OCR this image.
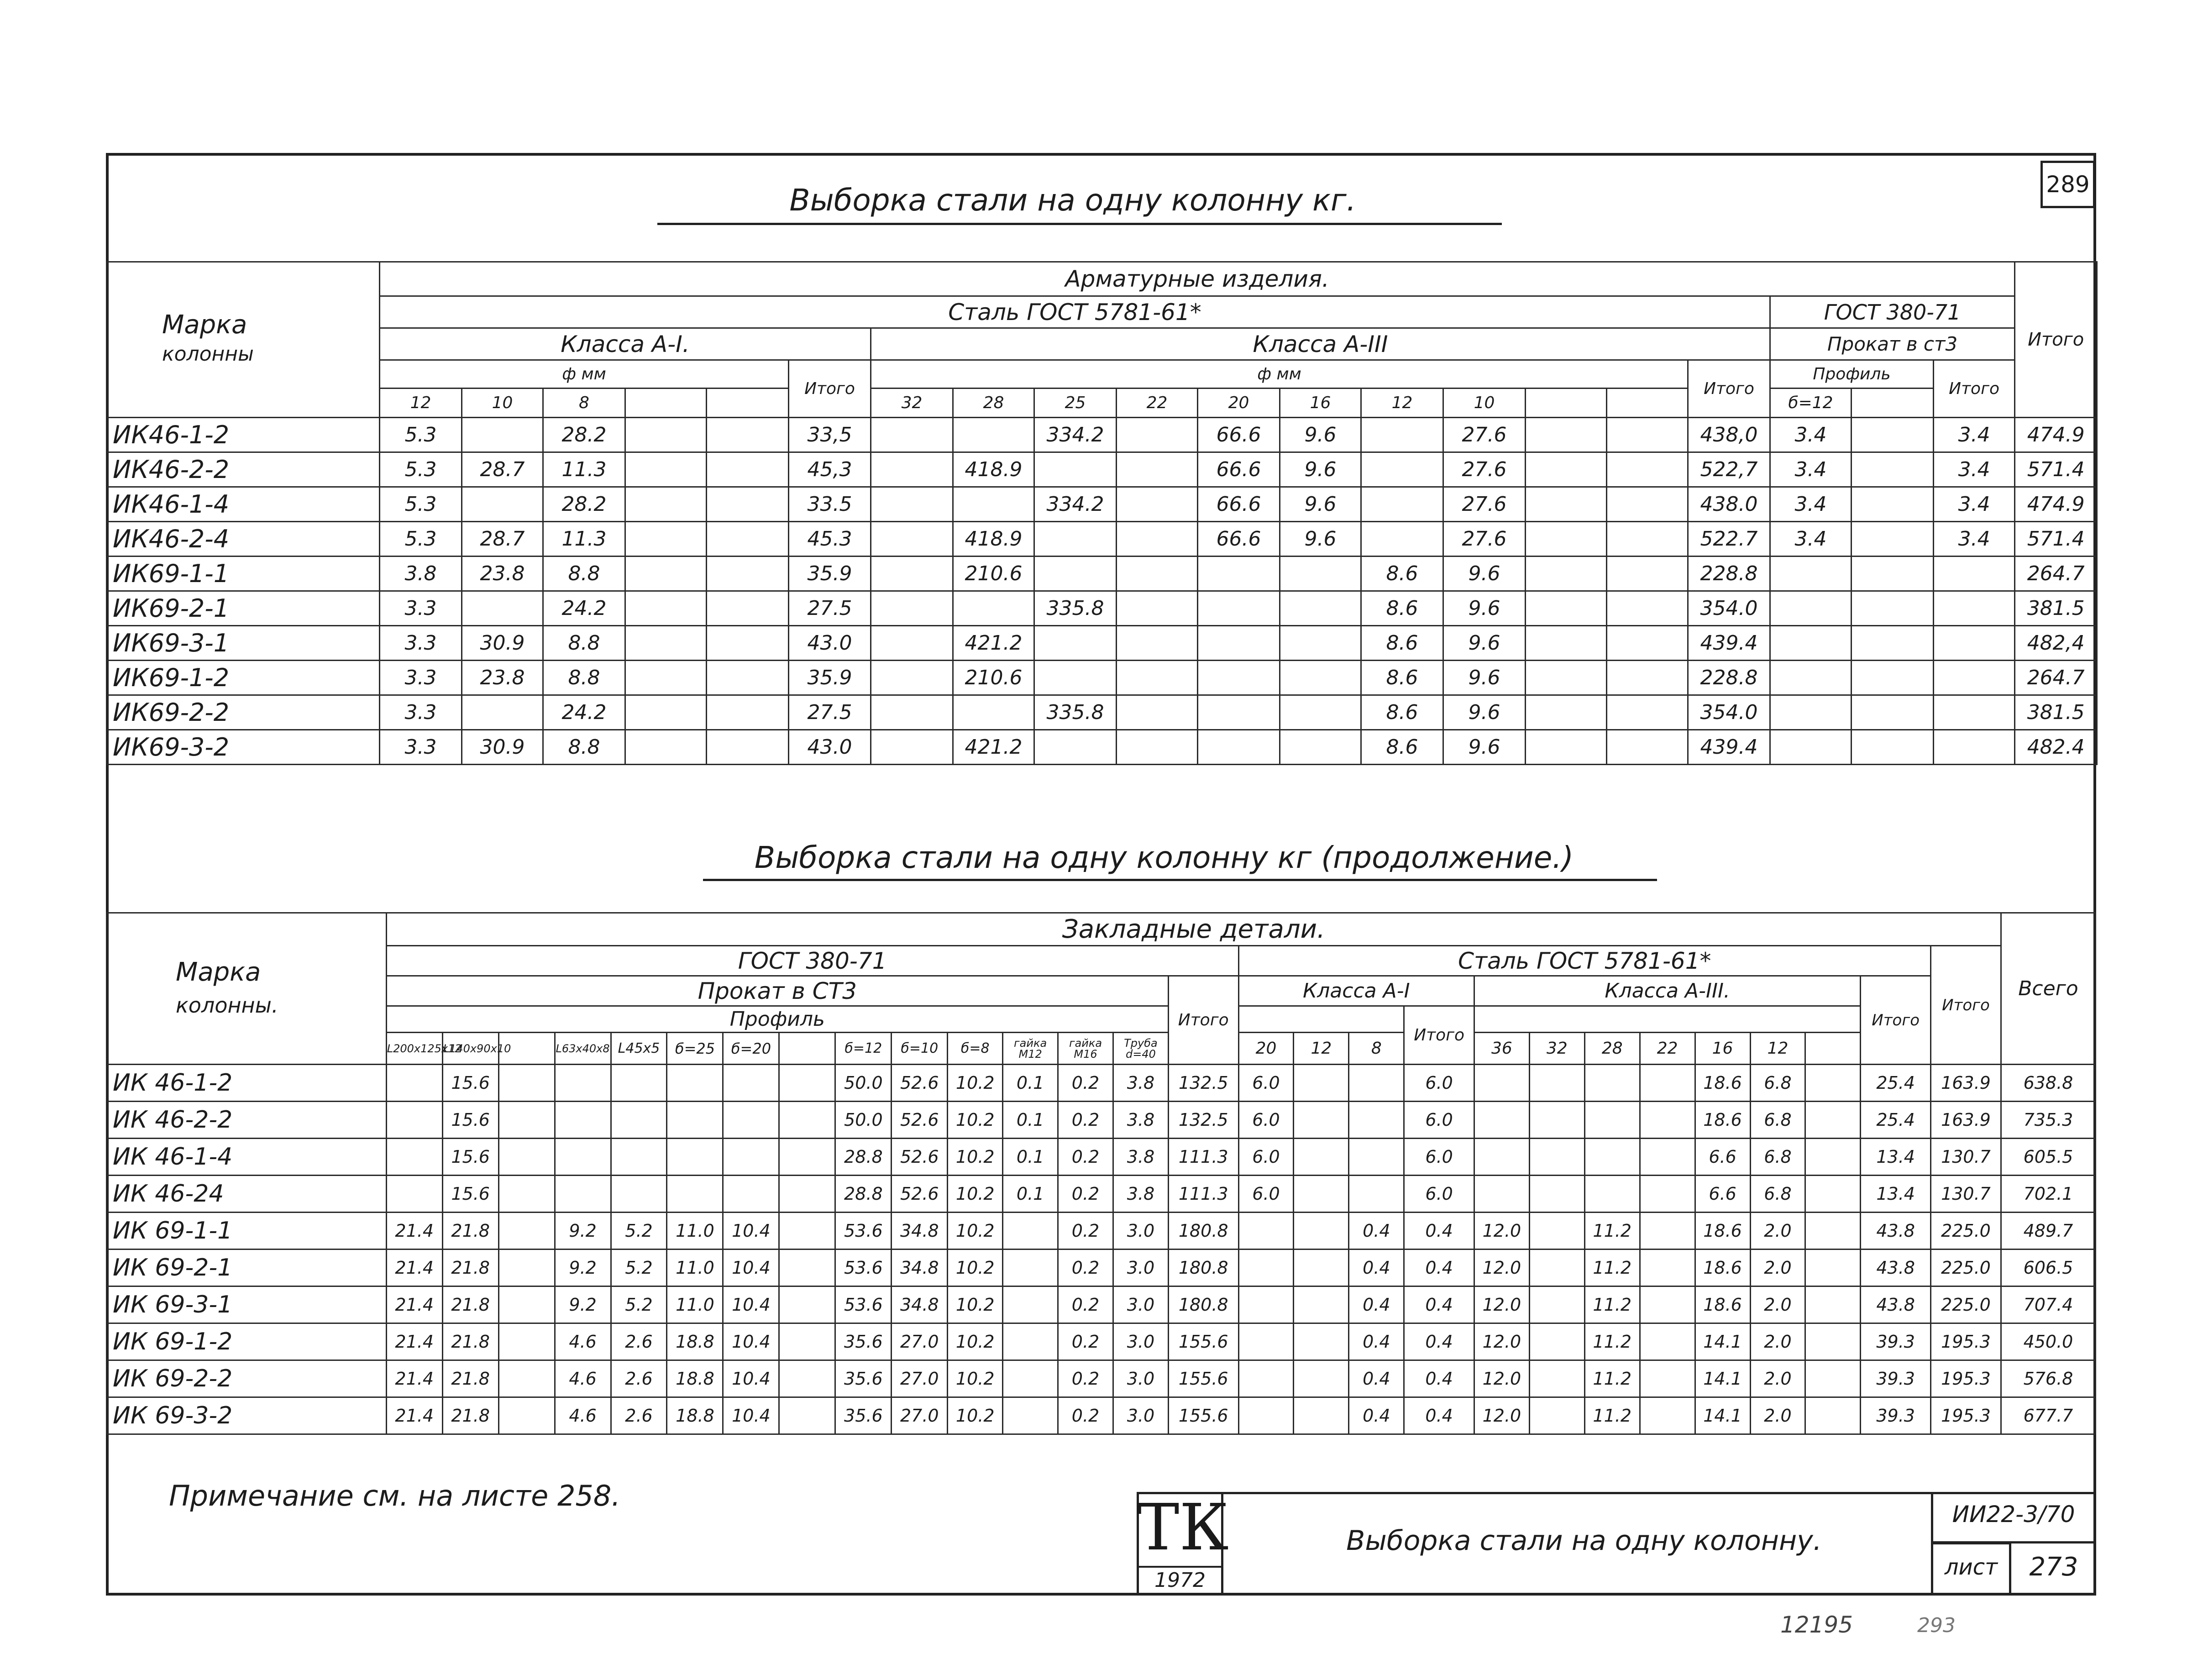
289
Выборка стали на одну колонну кг.
Марка
колонны	Арматурные изделия.																				Итого
	Сталь ГОСТ 5781-61*																	ГОСТ 380-71			
	Класса А-I.						Класса А-III											Прокат в ст3			
	ф мм					Итого	ф мм										Итого	Профиль		Итого	
	12	10	8				32	28	25	22	20	16	12	10				б=12			
ИК46-1-2	5.3		28.2			33,5			334.2		66.6	9.6		27.6			438,0	3.4		3.4	474.9
ИК46-2-2	5.3	28.7	11.3			45,3		418.9			66.6	9.6		27.6			522,7	3.4		3.4	571.4
ИК46-1-4	5.3		28.2			33.5			334.2		66.6	9.6		27.6			438.0	3.4		3.4	474.9
ИК46-2-4	5.3	28.7	11.3			45.3		418.9			66.6	9.6		27.6			522.7	3.4		3.4	571.4
ИК69-1-1	3.8	23.8	8.8			35.9		210.6					8.6	9.6			228.8				264.7
ИК69-2-1	3.3		24.2			27.5			335.8				8.6	9.6			354.0				381.5
ИК69-3-1	3.3	30.9	8.8			43.0		421.2					8.6	9.6			439.4				482,4
ИК69-1-2	3.3	23.8	8.8			35.9		210.6					8.6	9.6			228.8				264.7
ИК69-2-2	3.3		24.2			27.5			335.8				8.6	9.6			354.0				381.5
ИК69-3-2	3.3	30.9	8.8			43.0		421.2					8.6	9.6			439.4				482.4
Выборка стали на одну колонну кг (продолжение.)
Марка
колонны.	Закладные детали.																												Всего
	ГОСТ 380-71															Сталь ГОСТ 5781-61*												Итого	
	Прокат в СТ3														Итого	Класса А-I				Класса А-III.							Итого		
	Профиль																		Итого										
	L200x125x12	L140x90x10		L63x40x8	L45x5	б=25	б=20		б=12	б=10	б=8	гайка M12	гайка M16	Труба d=40		20	12	8		36	32	28	22	16	12				
ИК 46-1-2		15.6							50.0	52.6	10.2	0.1	0.2	3.8	132.5	6.0			6.0					18.6	6.8		25.4	163.9	638.8
ИК 46-2-2		15.6							50.0	52.6	10.2	0.1	0.2	3.8	132.5	6.0			6.0					18.6	6.8		25.4	163.9	735.3
ИК 46-1-4		15.6							28.8	52.6	10.2	0.1	0.2	3.8	111.3	6.0			6.0					6.6	6.8		13.4	130.7	605.5
ИК 46-24		15.6							28.8	52.6	10.2	0.1	0.2	3.8	111.3	6.0			6.0					6.6	6.8		13.4	130.7	702.1
ИК 69-1-1	21.4	21.8		9.2	5.2	11.0	10.4		53.6	34.8	10.2		0.2	3.0	180.8			0.4	0.4	12.0		11.2		18.6	2.0		43.8	225.0	489.7
ИК 69-2-1	21.4	21.8		9.2	5.2	11.0	10.4		53.6	34.8	10.2		0.2	3.0	180.8			0.4	0.4	12.0		11.2		18.6	2.0		43.8	225.0	606.5
ИК 69-3-1	21.4	21.8		9.2	5.2	11.0	10.4		53.6	34.8	10.2		0.2	3.0	180.8			0.4	0.4	12.0		11.2		18.6	2.0		43.8	225.0	707.4
ИК 69-1-2	21.4	21.8		4.6	2.6	18.8	10.4		35.6	27.0	10.2		0.2	3.0	155.6			0.4	0.4	12.0		11.2		14.1	2.0		39.3	195.3	450.0
ИК 69-2-2	21.4	21.8		4.6	2.6	18.8	10.4		35.6	27.0	10.2		0.2	3.0	155.6			0.4	0.4	12.0		11.2		14.1	2.0		39.3	195.3	576.8
ИК 69-3-2	21.4	21.8		4.6	2.6	18.8	10.4		35.6	27.0	10.2		0.2	3.0	155.6			0.4	0.4	12.0		11.2		14.1	2.0		39.3	195.3	677.7
Примечание см. на листе 258.	ТК
1972
Выборка стали на одну колонну.
ИИ22-3/70
лист	273
12195	293
